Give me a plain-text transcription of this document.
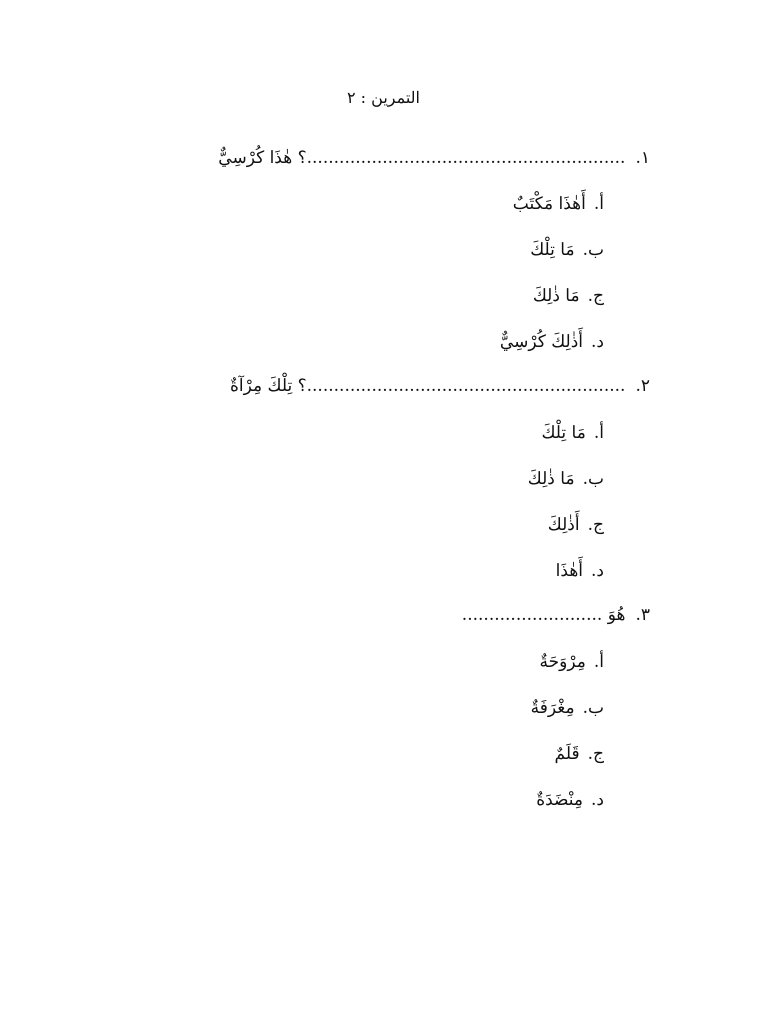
التمرين : ٢
١.
...........................................................؟ هٰذَا كُرْسِيٌّ
أ.
أَهٰذَا مَكْتَبٌ
ب.
مَا تِلْكَ
ج.
مَا ذٰلِكَ
د.
أَذٰلِكَ كُرْسِيٌّ
٢.
...........................................................؟ تِلْكَ مِرْآةٌ
أ.
مَا تِلْكَ
ب.
مَا ذٰلِكَ
ج.
أَذٰلِكَ
د.
أَهٰذَا
٣.
هُوَ ..........................
أ.
مِرْوَحَةٌ
ب.
مِغْرَفَةٌ
ج.
قَلَمٌ
د.
مِنْضَدَةٌ
